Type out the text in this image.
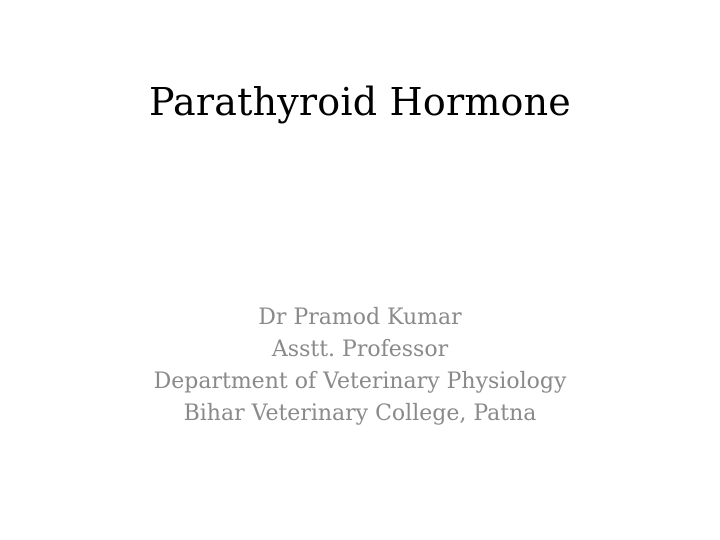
Parathyroid Hormone
Dr Pramod Kumar
Asstt. Professor
Department of Veterinary Physiology
Bihar Veterinary College, Patna
